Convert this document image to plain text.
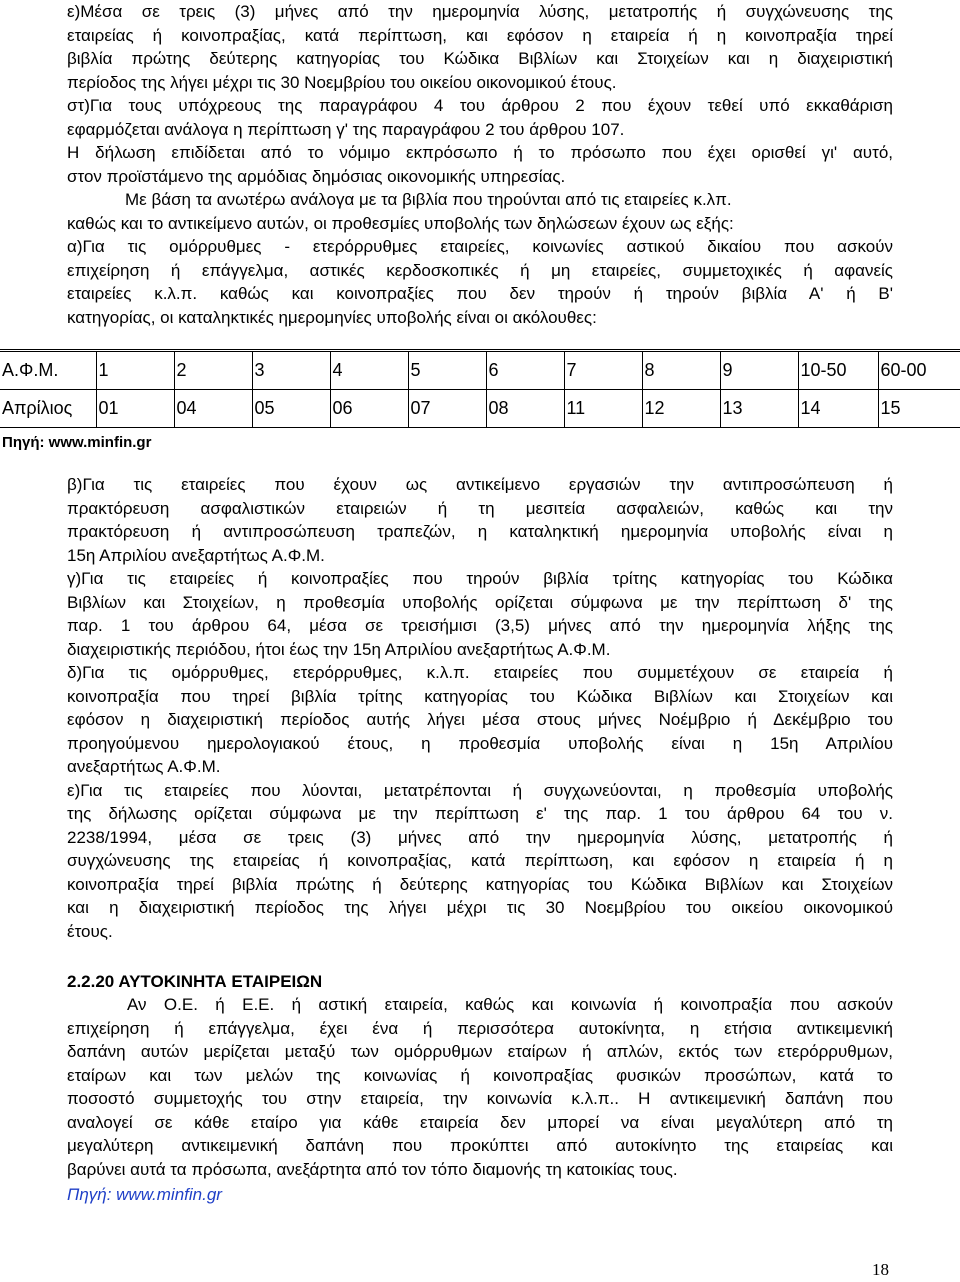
ε)Μέσα σε τρεις (3) μήνες από την ημερομηνία λύσης, μετατροπής ή συγχώνευσης της

εταιρείας ή κοινοπραξίας, κατά περίπτωση, και εφόσον η εταιρεία ή η κοινοπραξία τηρεί

βιβλία πρώτης δεύτερης κατηγορίας του Κώδικα Βιβλίων και Στοιχείων και η διαχειριστική

περίοδος της λήγει μέχρι τις 30 Νοεμβρίου του οικείου οικονομικού έτους.

στ)Για τους υπόχρεους της παραγράφου 4 του άρθρου 2 που έχουν τεθεί υπό εκκαθάριση

εφαρμόζεται ανάλογα η περίπτωση γ' της παραγράφου 2 του άρθρου 107.

Η δήλωση επιδίδεται από το νόμιμο εκπρόσωπο ή το πρόσωπο που έχει ορισθεί γι' αυτό,

στον προϊστάμενο της αρμόδιας δημόσιας οικονομικής υπηρεσίας.

Με βάση τα ανωτέρω ανάλογα με τα βιβλία που τηρούνται από τις εταιρείες κ.λπ.

καθώς και το αντικείμενο αυτών, οι προθεσμίες υποβολής των δηλώσεων έχουν ως εξής:

α)Για τις ομόρρυθμες - ετερόρρυθμες εταιρείες, κοινωνίες αστικού δικαίου που ασκούν

επιχείρηση ή επάγγελμα, αστικές κερδοσκοπικές ή μη εταιρείες, συμμετοχικές ή αφανείς

εταιρείες κ.λ.π. καθώς και κοινοπραξίες που δεν τηρούν ή τηρούν βιβλία Α' ή Β'

κατηγορίας, οι καταληκτικές ημερομηνίες υποβολής είναι οι ακόλουθες:

Α.Φ.Μ.	1	2	3	4	5	6	7	8	9	10-50	60-00
Απρίλιος	01	04	05	06	07	08	11	12	13	14	15
Πηγή: www.minfin.gr

β)Για τις εταιρείες που έχουν ως αντικείμενο εργασιών την αντιπροσώπευση ή

πρακτόρευση ασφαλιστικών εταιρειών ή τη μεσιτεία ασφαλειών, καθώς και την

πρακτόρευση ή αντιπροσώπευση τραπεζών, η καταληκτική ημερομηνία υποβολής είναι η

15η Απριλίου ανεξαρτήτως Α.Φ.Μ.

γ)Για τις εταιρείες ή κοινοπραξίες που τηρούν βιβλία τρίτης κατηγορίας του Κώδικα

Βιβλίων και Στοιχείων, η προθεσμία υποβολής ορίζεται σύμφωνα με την περίπτωση δ' της

παρ. 1 του άρθρου 64, μέσα σε τρεισήμισι (3,5) μήνες από την ημερομηνία λήξης της

διαχειριστικής περιόδου, ήτοι έως την 15η Απριλίου ανεξαρτήτως Α.Φ.Μ.

δ)Για τις ομόρρυθμες, ετερόρρυθμες, κ.λ.π. εταιρείες που συμμετέχουν σε εταιρεία ή

κοινοπραξία που τηρεί βιβλία τρίτης κατηγορίας του Κώδικα Βιβλίων και Στοιχείων και

εφόσον η διαχειριστική περίοδος αυτής λήγει μέσα στους μήνες Νοέμβριο ή Δεκέμβριο του

προηγούμενου ημερολογιακού έτους, η προθεσμία υποβολής είναι η 15η Απριλίου

ανεξαρτήτως Α.Φ.Μ.

ε)Για τις εταιρείες που λύονται, μετατρέπονται ή συγχωνεύονται, η προθεσμία υποβολής

της δήλωσης ορίζεται σύμφωνα με την περίπτωση ε' της παρ. 1 του άρθρου 64 του ν.

2238/1994, μέσα σε τρεις (3) μήνες από την ημερομηνία λύσης, μετατροπής ή

συγχώνευσης της εταιρείας ή κοινοπραξίας, κατά περίπτωση, και εφόσον η εταιρεία ή η

κοινοπραξία τηρεί βιβλία πρώτης ή δεύτερης κατηγορίας του Κώδικα Βιβλίων και Στοιχείων

και η διαχειριστική περίοδος της λήγει μέχρι τις 30 Νοεμβρίου του οικείου οικονομικού

έτους.

2.2.20 ΑΥΤΟΚΙΝΗΤΑ ΕΤΑΙΡΕΙΩΝ

Αν Ο.Ε. ή Ε.Ε. ή αστική εταιρεία, καθώς και κοινωνία ή κοινοπραξία που ασκούν

επιχείρηση ή επάγγελμα, έχει ένα ή περισσότερα αυτοκίνητα, η ετήσια αντικειμενική

δαπάνη αυτών μερίζεται μεταξύ των ομόρρυθμων εταίρων ή απλών, εκτός των ετερόρρυθμων,

εταίρων και των μελών της κοινωνίας ή κοινοπραξίας φυσικών προσώπων, κατά το

ποσοστό συμμετοχής του στην εταιρεία, την κοινωνία κ.λ.π.. Η αντικειμενική δαπάνη που

αναλογεί σε κάθε εταίρο για κάθε εταιρεία δεν μπορεί να είναι μεγαλύτερη από τη

μεγαλύτερη αντικειμενική δαπάνη που προκύπτει από αυτοκίνητο της εταιρείας και

βαρύνει αυτά τα πρόσωπα, ανεξάρτητα από τον τόπο διαμονής τη κατοικίας τους.

Πηγή: www.minfin.gr
18
